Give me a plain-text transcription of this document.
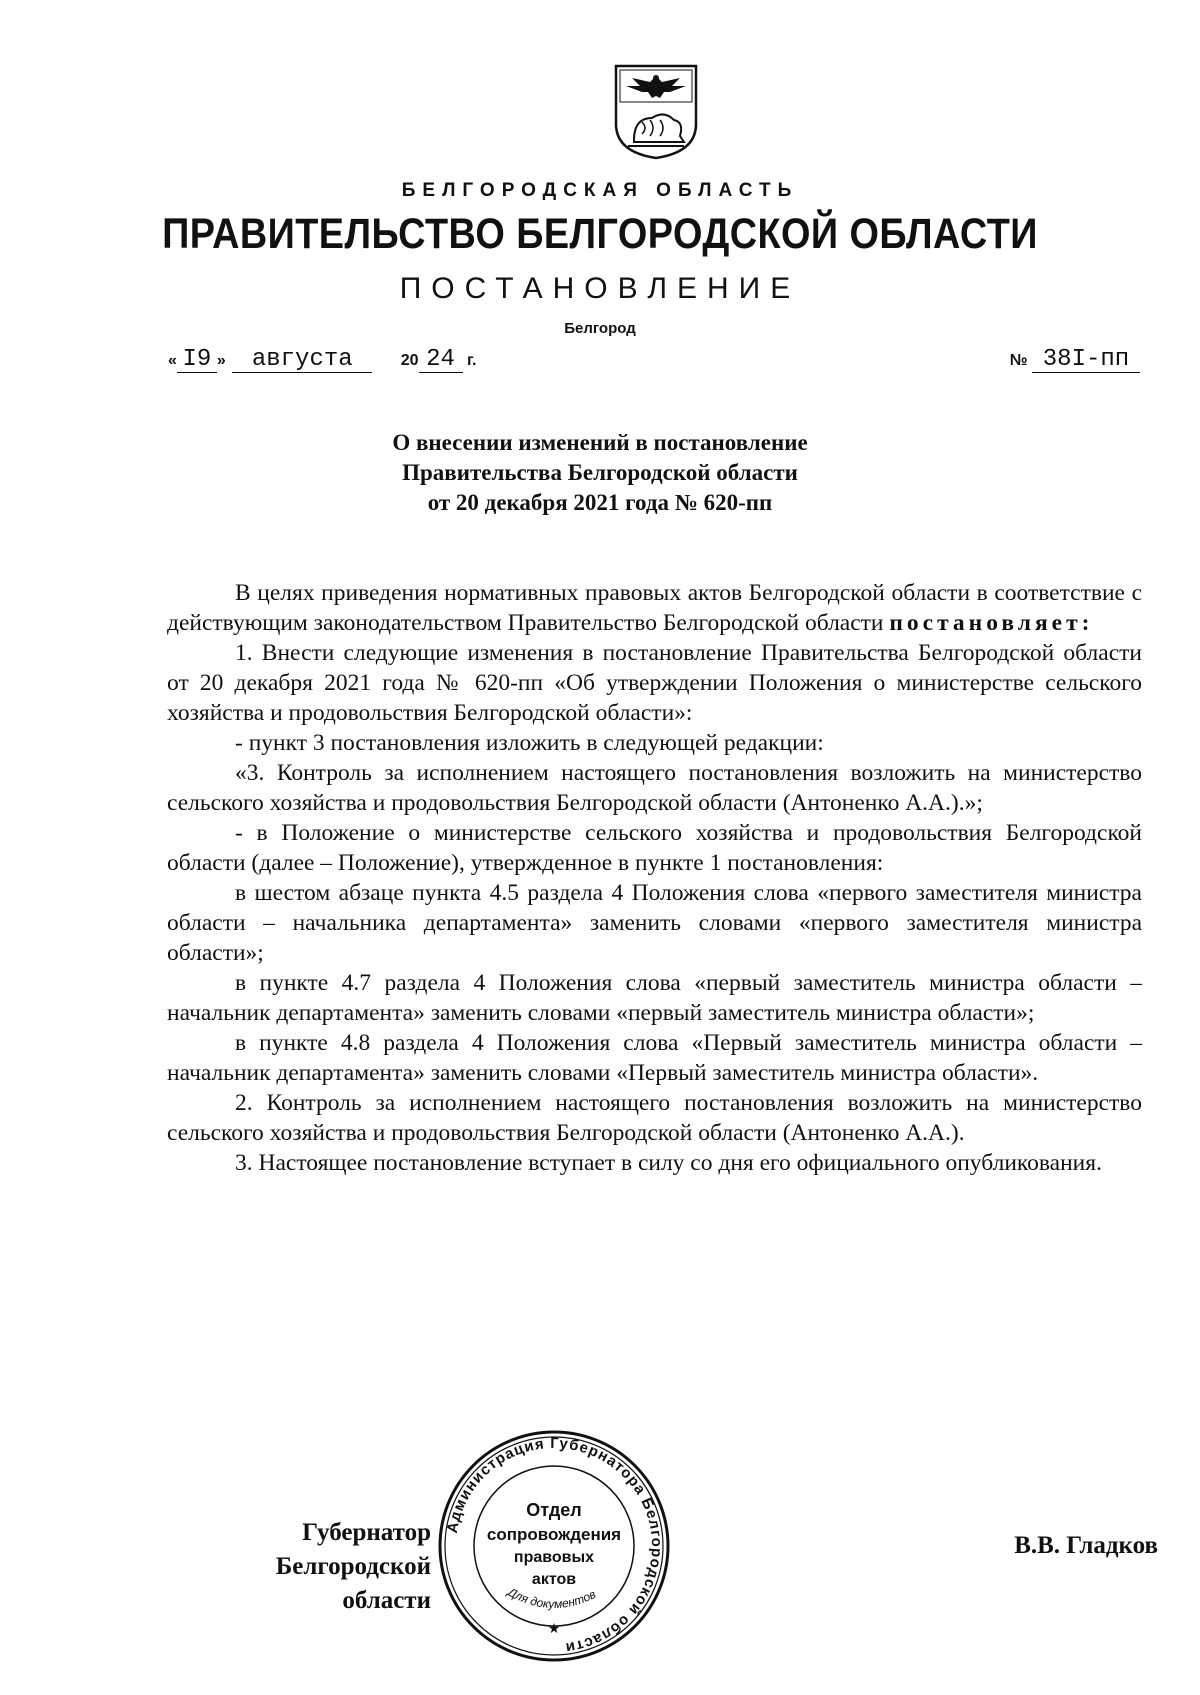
БЕЛГОРОДСКАЯ ОБЛАСТЬ
ПРАВИТЕЛЬСТВО БЕЛГОРОДСКОЙ ОБЛАСТИ
ПОСТАНОВЛЕНИЕ
Белгород
« I9 » августа	20 24 г.	№ 38I-пп
О внесении изменений в постановление
Правительства Белгородской области
от 20 декабря 2021 года № 620-пп

В целях приведения нормативных правовых актов Белгородской области в соответствие с действующим законодательством Правительство Белгородской области постановляет:

1. Внести следующие изменения в постановление Правительства Белгородской области от 20 декабря 2021 года № 620-пп «Об утверждении Положения о министерстве сельского хозяйства и продовольствия Белгородской области»:

- пункт 3 постановления изложить в следующей редакции:

«3. Контроль за исполнением настоящего постановления возложить на министерство сельского хозяйства и продовольствия Белгородской области (Антоненко А.А.).»;

- в Положение о министерстве сельского хозяйства и продовольствия Белгородской области (далее – Положение), утвержденное в пункте 1 постановления:

в шестом абзаце пункта 4.5 раздела 4 Положения слова «первого заместителя министра области – начальника департамента» заменить словами «первого заместителя министра области»;

в пункте 4.7 раздела 4 Положения слова «первый заместитель министра области – начальник департамента» заменить словами «первый заместитель министра области»;

в пункте 4.8 раздела 4 Положения слова «Первый заместитель министра области – начальник департамента» заменить словами «Первый заместитель министра области».

2. Контроль за исполнением настоящего постановления возложить на министерство сельского хозяйства и продовольствия Белгородской области (Антоненко А.А.).

3. Настоящее постановление вступает в силу со дня его официального опубликования.

Губернатор
Белгородской области
Администрация Губернатора Белгородской области
Отдел
сопровождения
правовых
актов
Для документов
★
В.В. Гладков
